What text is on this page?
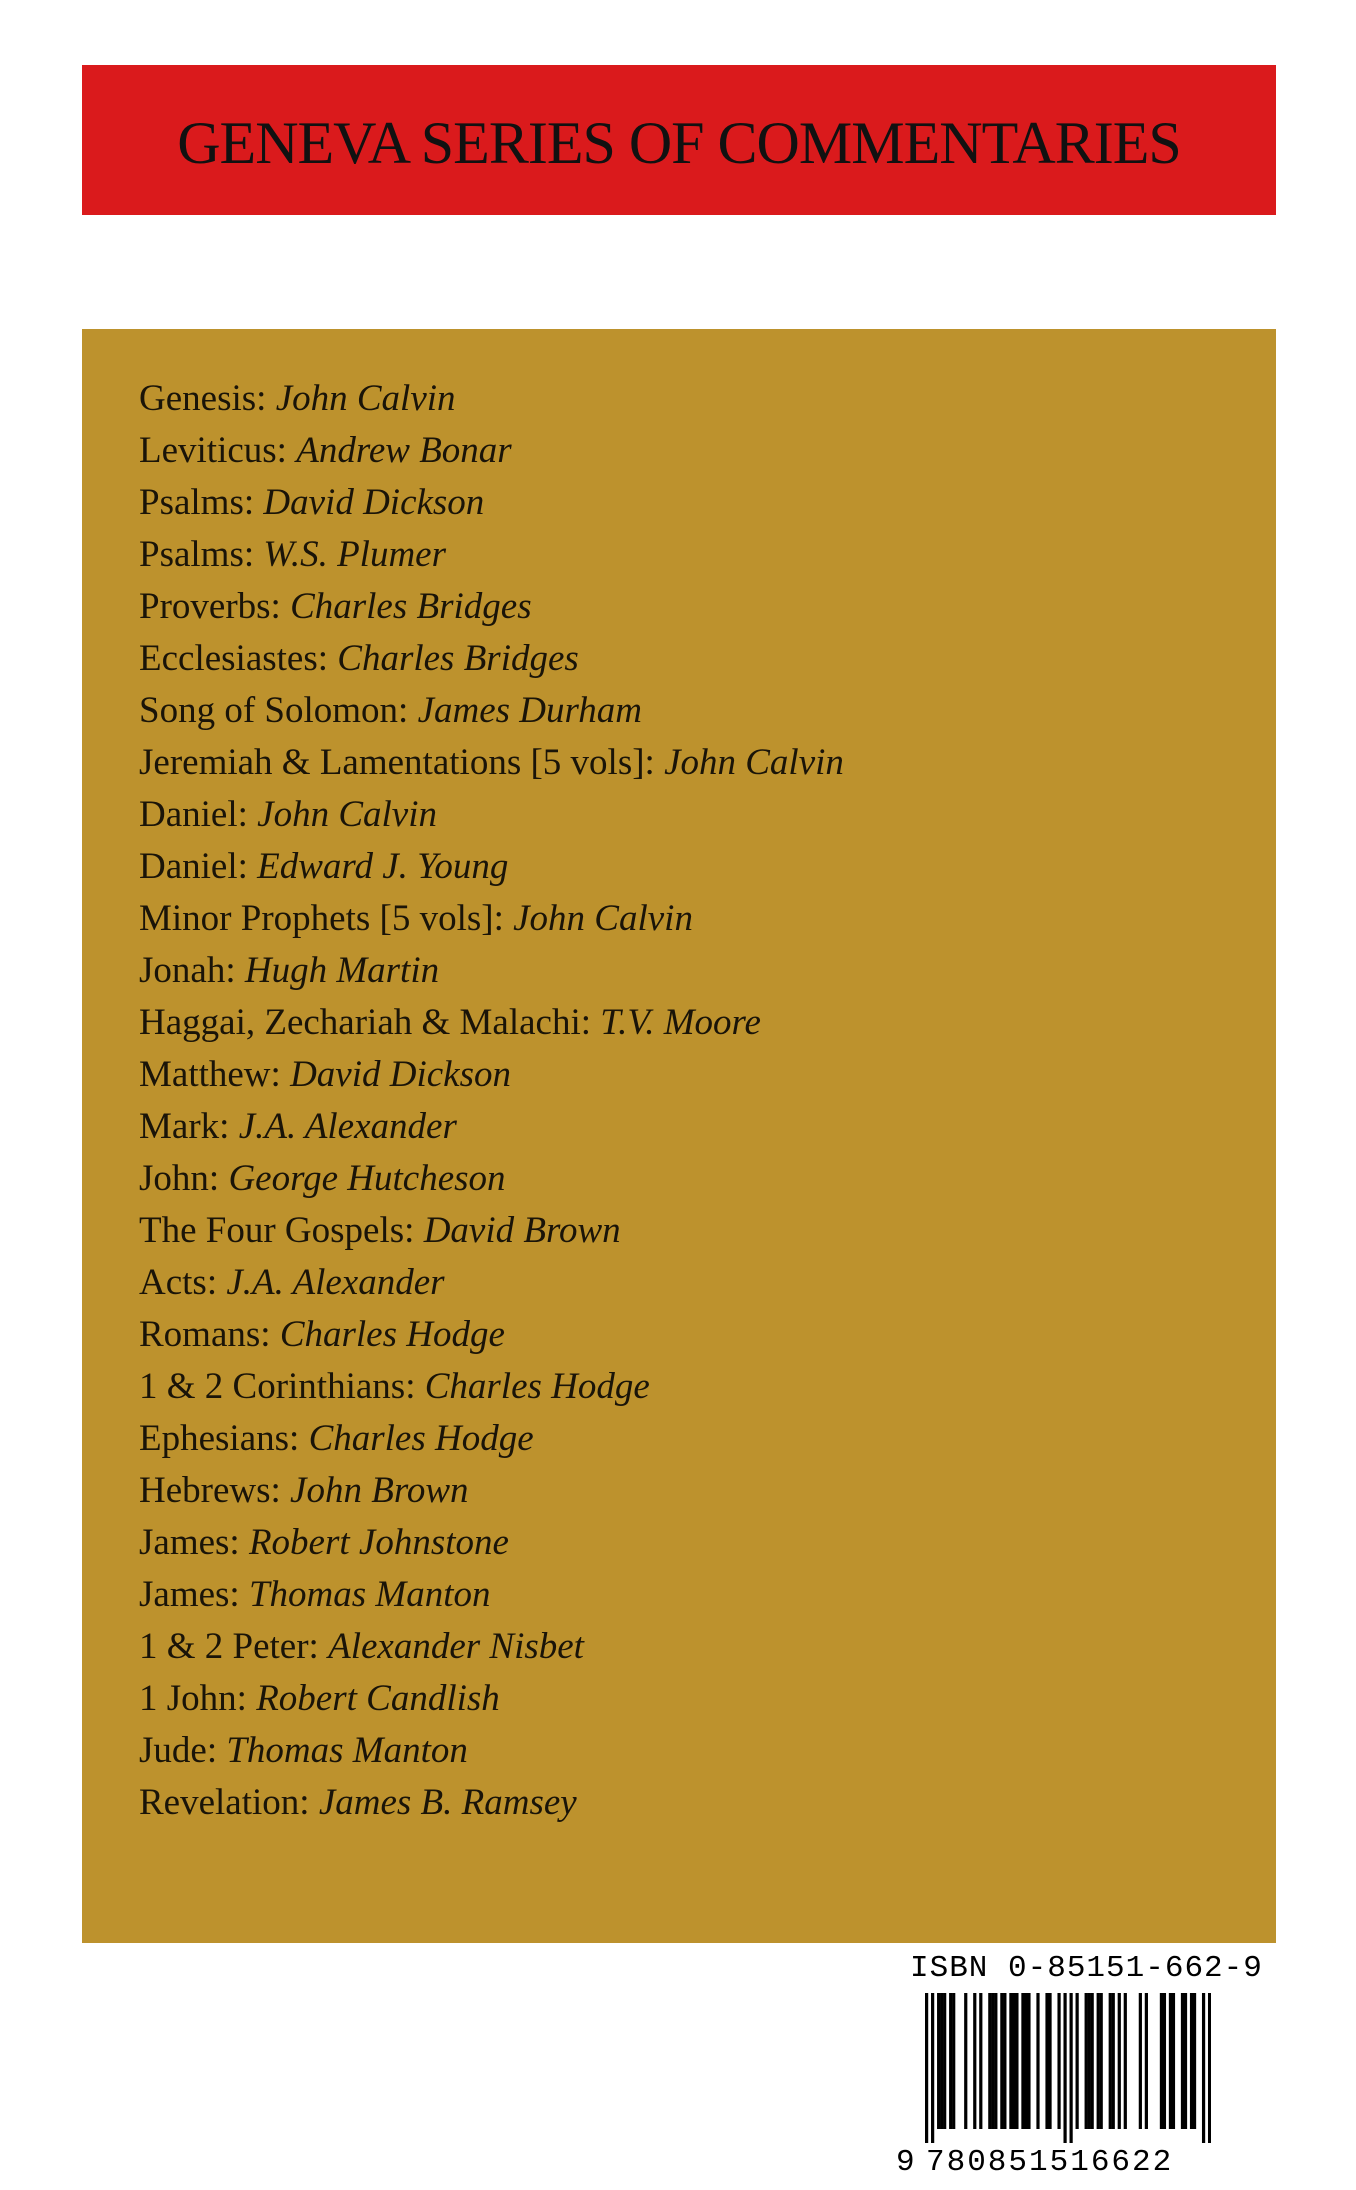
GENEVA SERIES OF COMMENTARIES
Genesis: John Calvin
Leviticus: Andrew Bonar
Psalms: David Dickson
Psalms: W.S. Plumer
Proverbs: Charles Bridges
Ecclesiastes: Charles Bridges
Song of Solomon: James Durham
Jeremiah & Lamentations [5 vols]: John Calvin
Daniel: John Calvin
Daniel: Edward J. Young
Minor Prophets [5 vols]: John Calvin
Jonah: Hugh Martin
Haggai, Zechariah & Malachi: T.V. Moore
Matthew: David Dickson
Mark: J.A. Alexander
John: George Hutcheson
The Four Gospels: David Brown
Acts: J.A. Alexander
Romans: Charles Hodge
1 & 2 Corinthians: Charles Hodge
Ephesians: Charles Hodge
Hebrews: John Brown
James: Robert Johnstone
James: Thomas Manton
1 & 2 Peter: Alexander Nisbet
1 John: Robert Candlish
Jude: Thomas Manton
Revelation: James B. Ramsey
ISBN 0-85151-662-9
9 780851516622
